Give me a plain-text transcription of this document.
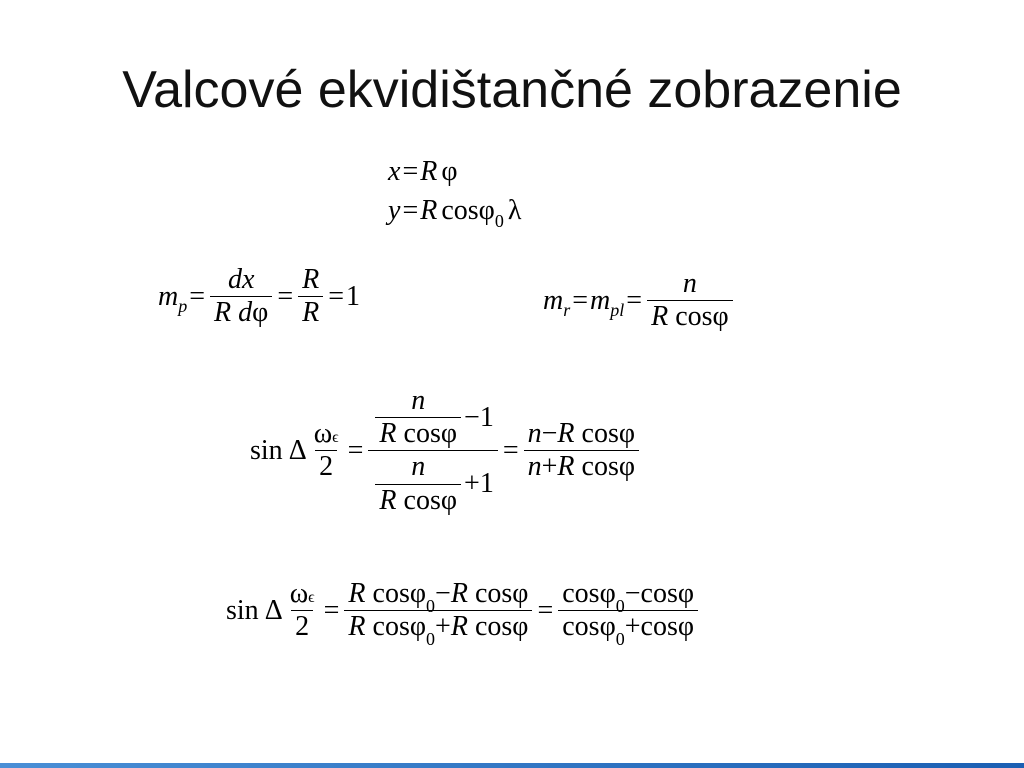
Valcové ekvidištančné zobrazenie
x = R φ
y = R cos φ 0 λ
m $p = \frac{dx}{\text{R dφ}} = \frac{R}{R} = 1$	m r = m pl = $\frac{n}{\text{R cosφ}}$
sin Δ $\frac{\omega\epsilon}{2} = \frac{\frac{n}{\text{R cosφ}} - 1}{\frac{n}{\text{R cosφ}} + 1} = \frac{\text{n−R cosφ}}{\text{n+R cosφ}}$
sin Δ $\frac{\omega\epsilon}{2} = \frac{R \cos\varphi_0-R \cos\varphi}{R \cos\varphi_0+R \cos\varphi} = \frac{\cos\varphi_0-\cos\varphi}{\cos\varphi_0+\cos\varphi}$
